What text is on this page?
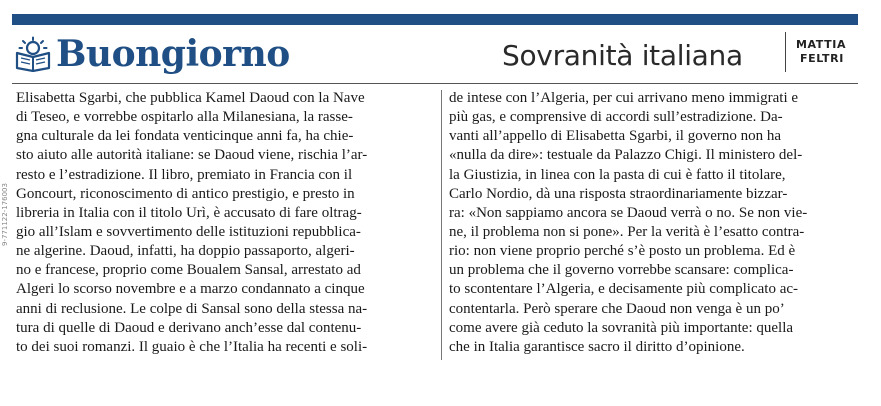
Buongiorno	Sovranità italiana	MATTIA
FELTRI
Elisabetta Sgarbi, che pubblica Kamel Daoud con la Nave
di Teseo, e vorrebbe ospitarlo alla Milanesiana, la rasse-
gna culturale da lei fondata venticinque anni fa, ha chie-
sto aiuto alle autorità italiane: se Daoud viene, rischia l’ar-
resto e l’estradizione. Il libro, premiato in Francia con il
Goncourt, riconoscimento di antico prestigio, e presto in
libreria in Italia con il titolo Urì, è accusato di fare oltrag-
gio all’Islam e sovvertimento delle istituzioni repubblica-
ne algerine. Daoud, infatti, ha doppio passaporto, algeri-
no e francese, proprio come Boualem Sansal, arrestato ad
Algeri lo scorso novembre e a marzo condannato a cinque
anni di reclusione. Le colpe di Sansal sono della stessa na-
tura di quelle di Daoud e derivano anch’esse dal contenu-
to dei suoi romanzi. Il guaio è che l’Italia ha recenti e soli-
de intese con l’Algeria, per cui arrivano meno immigrati e
più gas, e comprensive di accordi sull’estradizione. Da-
vanti all’appello di Elisabetta Sgarbi, il governo non ha
«nulla da dire»: testuale da Palazzo Chigi. Il ministero del-
la Giustizia, in linea con la pasta di cui è fatto il titolare,
Carlo Nordio, dà una risposta straordinariamente bizzar-
ra: «Non sappiamo ancora se Daoud verrà o no. Se non vie-
ne, il problema non si pone». Per la verità è l’esatto contra-
rio: non viene proprio perché s’è posto un problema. Ed è
un problema che il governo vorrebbe scansare: complica-
to scontentare l’Algeria, e decisamente più complicato ac-
contentarla. Però sperare che Daoud non venga è un po’
come avere già ceduto la sovranità più importante: quella
che in Italia garantisce sacro il diritto d’opinione.
9-771122-176003
